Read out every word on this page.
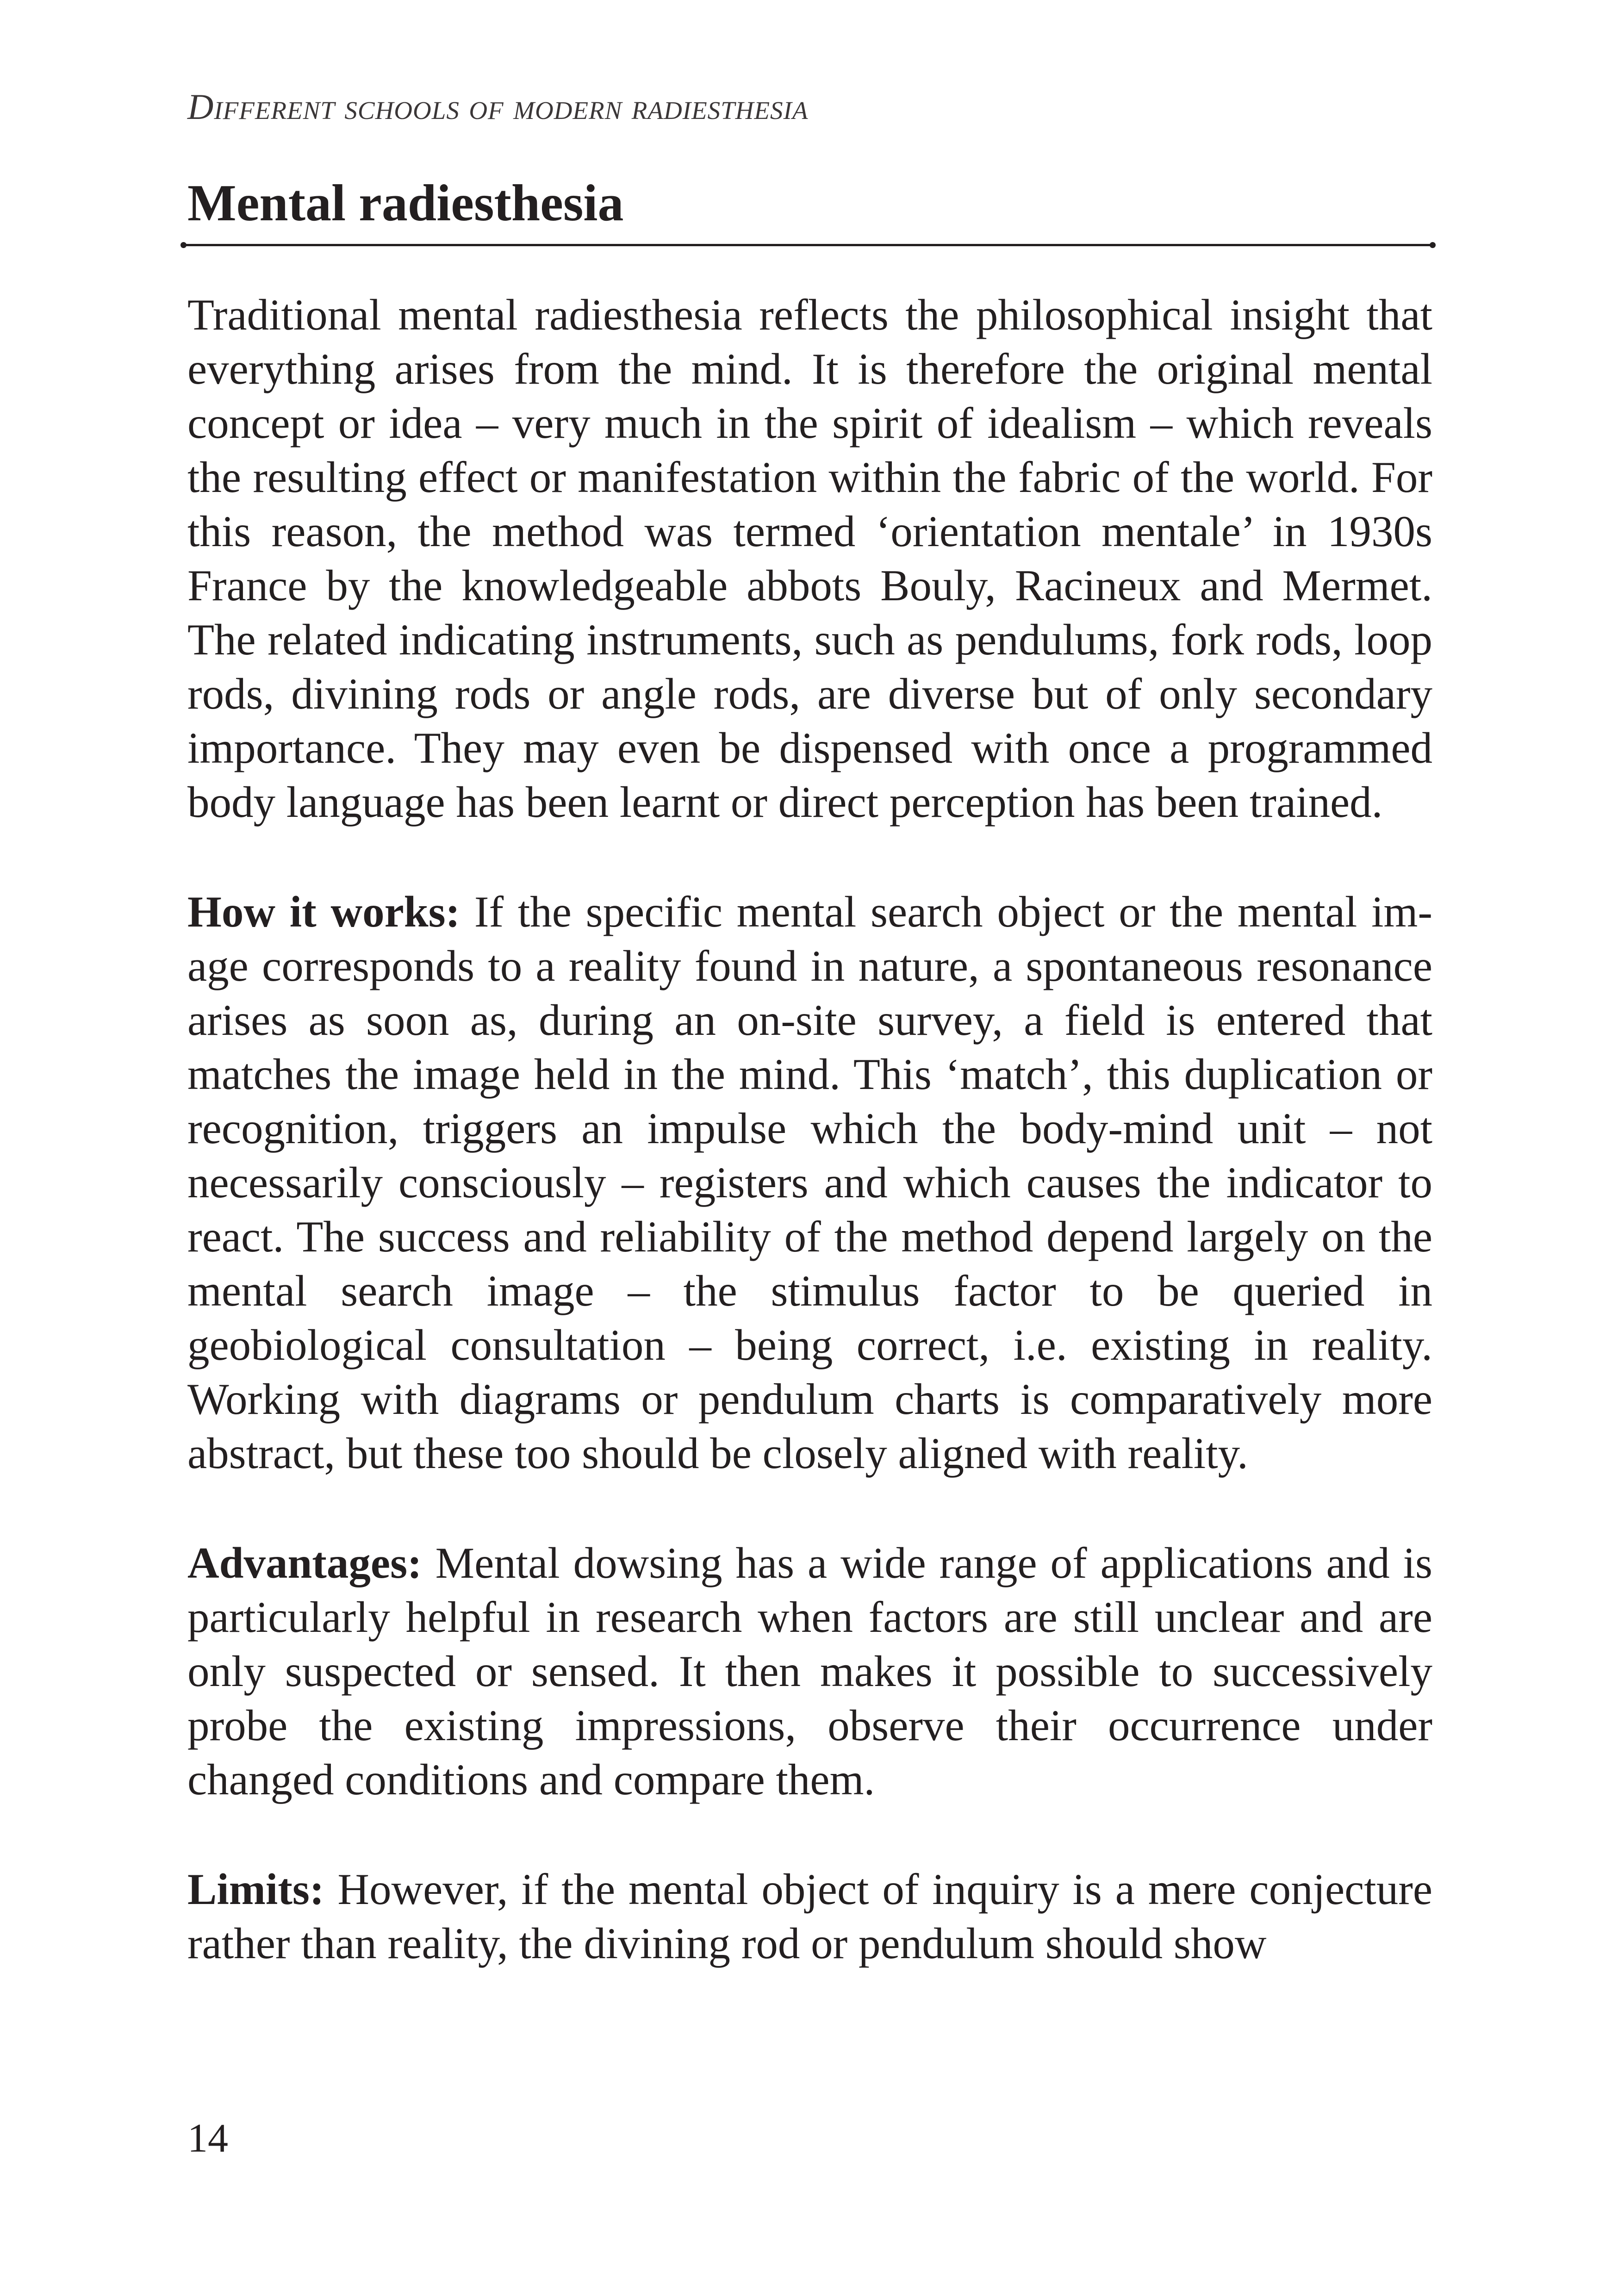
Different schools of modern radiesthesia
Mental radiesthesia

Traditional mental radiesthesia reflects the philosophical insight that everything arises from the mind. It is therefore the original mental concept or idea – very much in the spirit of idealism – which reveals the resulting effect or manifestation within the fabric of the world. For this reason, the method was termed ‘orientation mentale’ in 1930s France by the knowledgeable abbots Bouly, Racineux and Mermet. The related indicating instruments, such as pendulums, fork rods, loop rods, divining rods or angle rods, are diverse but of only secondary importance. They may even be dispensed with once a programmed body language has been learnt or direct perception has been trained.

How it works: If the specific mental search object or the mental image corresponds to a reality found in nature, a spontaneous resonance arises as soon as, during an on-site survey, a field is entered that matches the image held in the mind. This ‘match’, this duplication or recognition, triggers an impulse which the body-mind unit – not necessarily consciously – registers and which causes the indicator to react. The success and reliability of the method depend largely on the mental search image – the stimulus factor to be queried in geobiological consultation – being correct, i.e. existing in reality. Working with diagrams or pendulum charts is comparatively more abstract, but these too should be closely aligned with reality.

Advantages: Mental dowsing has a wide range of applications and is particularly helpful in research when factors are still unclear and are only suspected or sensed. It then makes it possible to successively probe the existing impressions, observe their occurrence under changed conditions and compare them.

Limits: However, if the mental object of inquiry is a mere conjecture rather than reality, the divining rod or pendulum should show

14
